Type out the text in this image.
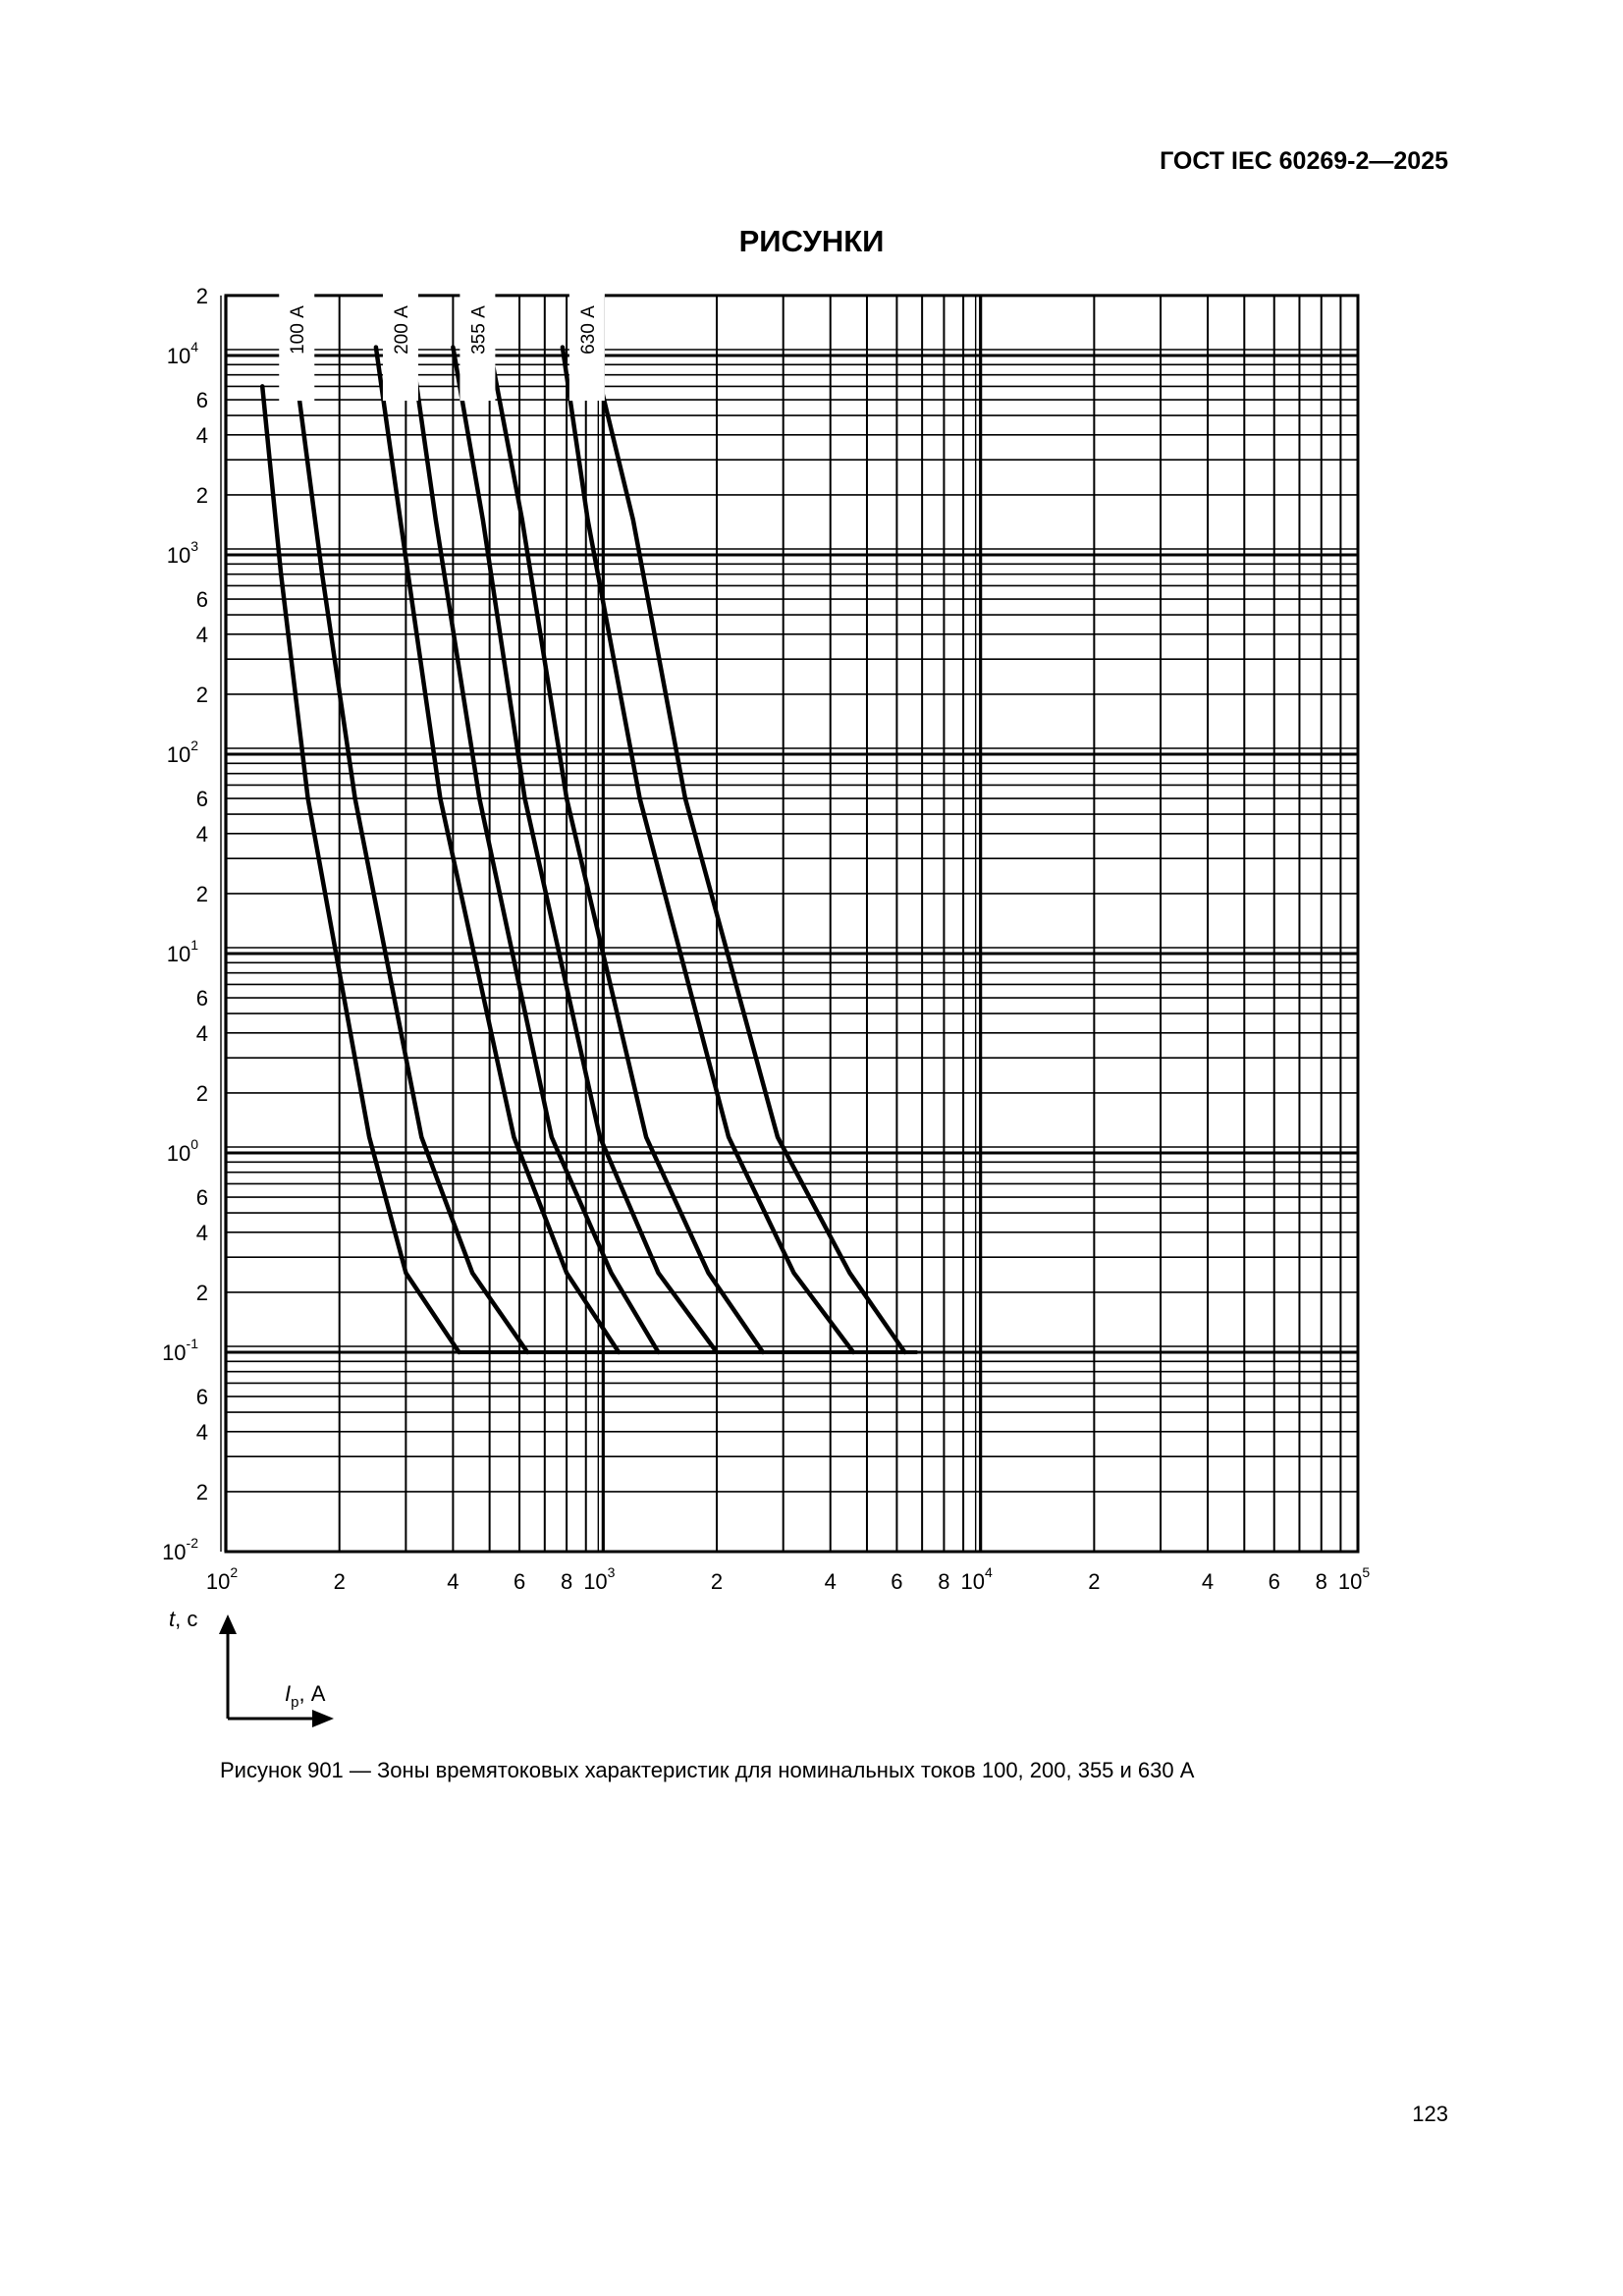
ГОСТ IEC 60269-2—2025
РИСУНКИ
100 А	200 А	355 А	630 А
$10^{-2}$
2
4
6
$10^{-1}$
2
4
6
$10^0$
2
4
6
$10^1$
2
4
6
$10^2$
2
4
6
$10^3$
2
4
6
$10^4$
2
$10^2$	2	4	6 8 $10^3$	2	4	6 8 $10^4$	2	4	6 8 $10^5$
t, с
$I_p$, А
Рисунок 901 — Зоны времятоковых характеристик для номинальных токов 100, 200, 355 и 630 А
123
